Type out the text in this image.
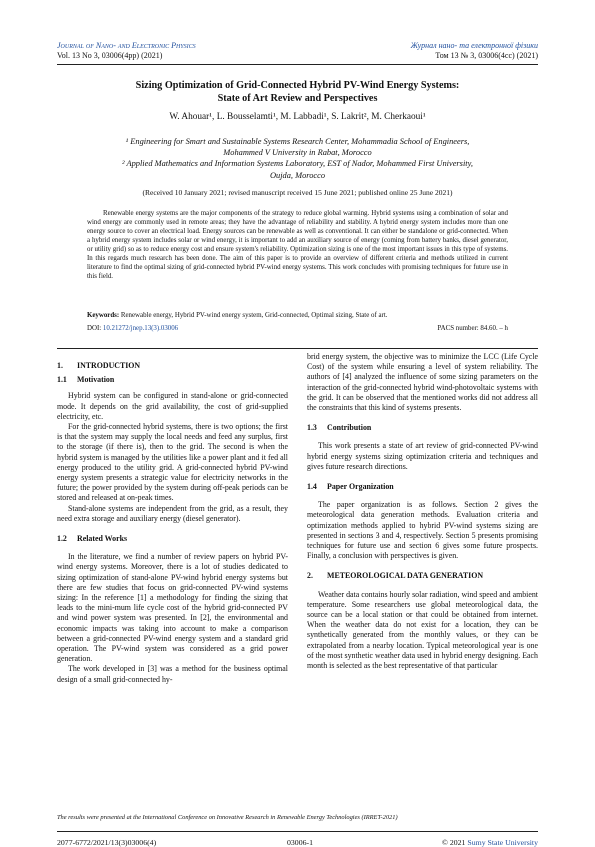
Journal of Nano- and Electronic Physics
Vol. 13 No 3, 03006(4pp) (2021)
Журнал нано- та електронної фізики
Том 13 № 3, 03006(4cc) (2021)
Sizing Optimization of Grid-Connected Hybrid PV-Wind Energy Systems:
State of Art Review and Perspectives
W. Ahouar¹, L. Bousselamti¹, M. Labbadi¹, S. Lakrit², M. Cherkaoui¹
¹ Engineering for Smart and Sustainable Systems Research Center, Mohammadia School of Engineers,
Mohammed V University in Rabat, Morocco
² Applied Mathematics and Information Systems Laboratory, EST of Nador, Mohammed First University,
Oujda, Morocco
(Received 10 January 2021; revised manuscript received 15 June 2021; published online 25 June 2021)
Renewable energy systems are the major components of the strategy to reduce global warming. Hybrid systems using a combination of solar and wind energy are commonly used in remote areas; they have the advantage of reliability and stability. A hybrid energy system includes more than one energy source to cover an electrical load. Energy sources can be renewable as well as conventional. It can either be standalone or grid-connected. When a hybrid energy system includes solar or wind energy, it is important to add an auxiliary source of energy (coming from battery banks, diesel generator, or utility grid) so as to reduce energy cost and ensure system's reliability. Optimization sizing is one of the most important issues in this type of systems. In this regards much research has been done. The aim of this paper is to provide an overview of different criteria and methods utilized in current literature to find the optimal sizing of grid-connected hybrid PV-wind energy systems. This work concludes with promising techniques for future use in this field.
Keywords: Renewable energy, Hybrid PV-wind energy system, Grid-connected, Optimal sizing, State of art.
DOI: 10.21272/jnep.13(3).03006	PACS number: 84.60. – h
1. INTRODUCTION
1.1 Motivation

Hybrid system can be configured in stand-alone or grid-connected mode. It depends on the grid availability, the cost of grid-supplied electricity, etc.

For the grid-connected hybrid systems, there is two options; the first is that the system may supply the local needs and feed any surplus, first to the storage (if there is), then to the grid. The second is when the hybrid system is managed by the utilities like a power plant and it fed all energy produced to the utility grid. A grid-connected hybrid PV-wind energy system presents a strategic value for electricity networks in the future; the power provided by the system during off-peak periods can be stored and released at on-peak times.

Stand-alone systems are independent from the grid, as a result, they need extra storage and auxiliary energy (diesel generator).

1.2 Related Works

In the literature, we find a number of review papers on hybrid PV-wind energy systems. Moreover, there is a lot of studies dedicated to sizing optimization of stand-alone PV-wind hybrid energy systems but there are few studies that focus on grid-connected PV-wind systems sizing: In the reference [1] a methodology for finding the sizing that leads to the mini-mum life cycle cost of the hybrid grid-connected PV and wind power system was presented. In [2], the environmental and economic impacts was taking into account to make a comparison between a grid-connected PV-wind energy system and a standard grid operation. The PV-wind system was considered as a grid power generation.

The work developed in [3] was a method for the business optimal design of a small grid-connected hy-

brid energy system, the objective was to minimize the LCC (Life Cycle Cost) of the system while ensuring a level of system reliability. The authors of [4] analyzed the influence of some sizing parameters on the interaction of the grid-connected hybrid wind-photovoltaic systems with the grid. It can be observed that the mentioned works did not address all the constraints that this kind of systems presents.

1.3 Contribution

This work presents a state of art review of grid-connected PV-wind hybrid energy systems sizing optimization criteria and techniques and gives future research directions.

1.4 Paper Organization

The paper organization is as follows. Section 2 gives the meteorological data generation methods. Evaluation criteria and optimization methods applied to hybrid PV-wind systems sizing are presented in sections 3 and 4, respectively. Section 5 presents promising techniques for future use and section 6 gives some future prospects. Finally, a conclusion with perspectives is given.

2. METEOROLOGICAL DATA GENERATION

Weather data contains hourly solar radiation, wind speed and ambient temperature. Some researchers use global meteorological data, the source can be a local station or that could be obtained from internet. When the weather data do not exist for a location, they can be synthetically generated from the monthly values, or they can be extrapolated from a nearby location. Typical meteorological year is one of the most synthetic weather data used in hybrid energy designing. Each month is selected as the best representative of that particular

The results were presented at the International Conference on Innovative Research in Renewable Energy Technologies (IRRET-2021)
2077-6772/2021/13(3)03006(4)	03006-1	© 2021 Sumy State University
